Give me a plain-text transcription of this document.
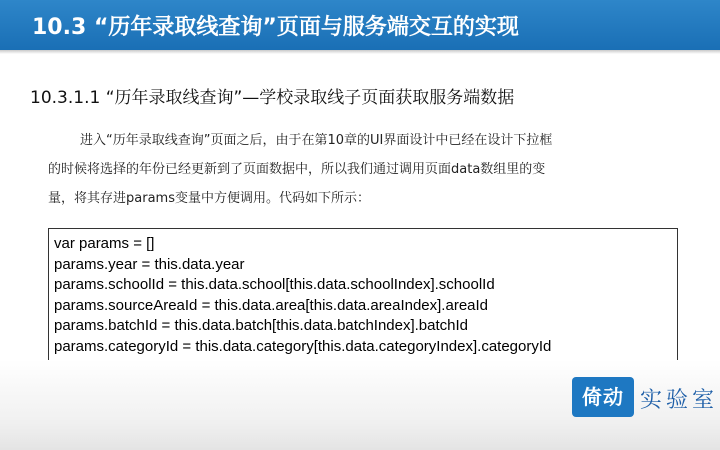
10.3 “历年录取线查询”页面与服务端交互的实现
10.3.1.1 “历年录取线查询”—学校录取线子页面获取服务端数据
进入“历年录取线查询”页面之后，由于在第10章的UI界面设计中已经在设计下拉框
的时候将选择的年份已经更新到了页面数据中，所以我们通过调用页面data数组里的变
量，将其存进params变量中方便调用。代码如下所示：
var params = []
params.year = this.data.year
params.schoolId = this.data.school[this.data.schoolIndex].schoolId
params.sourceAreaId = this.data.area[this.data.areaIndex].areaId
params.batchId = this.data.batch[this.data.batchIndex].batchId
params.categoryId = this.data.category[this.data.categoryIndex].categoryId
倚动 实验室
